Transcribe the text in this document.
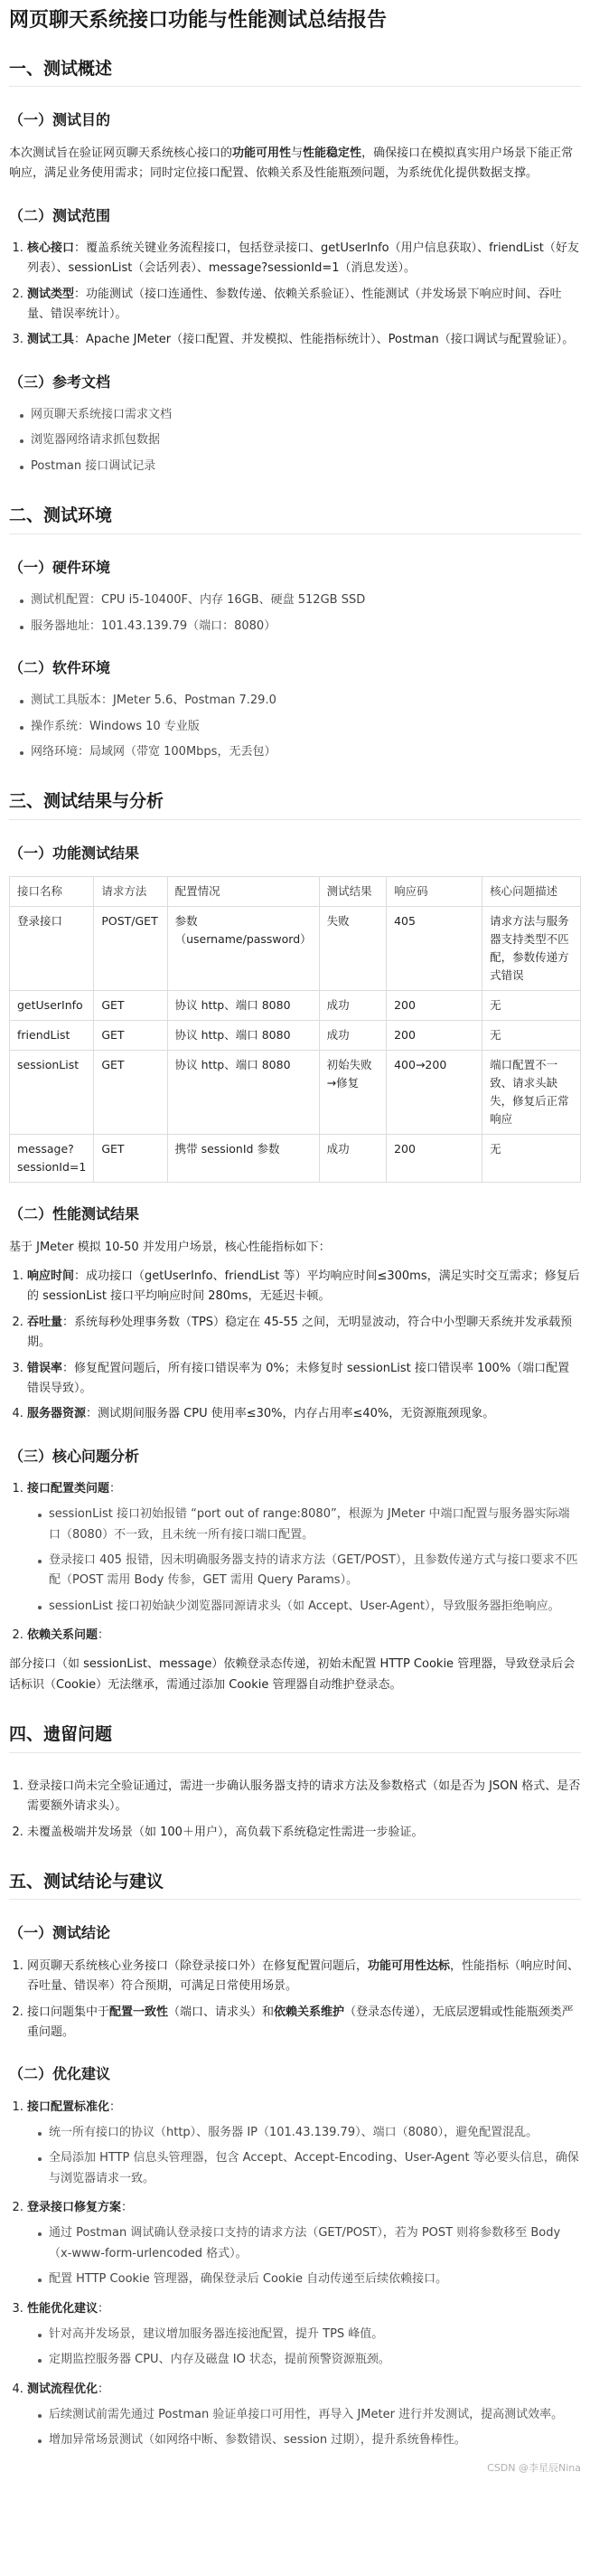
网页聊天系统接口功能与性能测试总结报告
一、测试概述
（一）测试目的

本次测试旨在验证网页聊天系统核心接口的功能可用性与性能稳定性，确保接口在模拟真实用户场景下能正常响应，满足业务使用需求；同时定位接口配置、依赖关系及性能瓶颈问题，为系统优化提供数据支撑。

（二）测试范围
1. 核心接口：覆盖系统关键业务流程接口，包括登录接口、getUserInfo（用户信息获取）、friendList（好友列表）、sessionList（会话列表）、message?sessionId=1（消息发送）。
2. 测试类型：功能测试（接口连通性、参数传递、依赖关系验证）、性能测试（并发场景下响应时间、吞吐量、错误率统计）。
3. 测试工具：Apache JMeter（接口配置、并发模拟、性能指标统计）、Postman（接口调试与配置验证）。
（三）参考文档
网页聊天系统接口需求文档
浏览器网络请求抓包数据
Postman 接口调试记录
二、测试环境
（一）硬件环境
测试机配置：CPU i5-10400F、内存 16GB、硬盘 512GB SSD
服务器地址：101.43.139.79（端口：8080）
（二）软件环境
测试工具版本：JMeter 5.6、Postman 7.29.0
操作系统：Windows 10 专业版
网络环境：局域网（带宽 100Mbps，无丢包）
三、测试结果与分析
（一）功能测试结果
接口名称	请求方法	配置情况	测试结果	响应码	核心问题描述
登录接口	POST/GET	参数（username/password）	失败	405	请求方法与服务器支持类型不匹配，参数传递方式错误
getUserInfo	GET	协议 http、端口 8080	成功	200	无
friendList	GET	协议 http、端口 8080	成功	200	无
sessionList	GET	协议 http、端口 8080	初始失败→修复	400→200	端口配置不一致、请求头缺失，修复后正常响应
message?sessionId=1	GET	携带 sessionId 参数	成功	200	无
（二）性能测试结果

基于 JMeter 模拟 10-50 并发用户场景，核心性能指标如下：

1. 响应时间：成功接口（getUserInfo、friendList 等）平均响应时间≤300ms，满足实时交互需求；修复后的 sessionList 接口平均响应时间 280ms，无延迟卡顿。
2. 吞吐量：系统每秒处理事务数（TPS）稳定在 45-55 之间，无明显波动，符合中小型聊天系统并发承载预期。
3. 错误率：修复配置问题后，所有接口错误率为 0%；未修复时 sessionList 接口错误率 100%（端口配置错误导致）。
4. 服务器资源：测试期间服务器 CPU 使用率≤30%，内存占用率≤40%，无资源瓶颈现象。
（三）核心问题分析
1. 接口配置类问题：
sessionList 接口初始报错 “port out of range:8080”，根源为 JMeter 中端口配置与服务器实际端口（8080）不一致，且未统一所有接口端口配置。
登录接口 405 报错，因未明确服务器支持的请求方法（GET/POST），且参数传递方式与接口要求不匹配（POST 需用 Body 传参，GET 需用 Query Params）。
sessionList 接口初始缺少浏览器同源请求头（如 Accept、User-Agent），导致服务器拒绝响应。
2. 依赖关系问题：

部分接口（如 sessionList、message）依赖登录态传递，初始未配置 HTTP Cookie 管理器，导致登录后会话标识（Cookie）无法继承，需通过添加 Cookie 管理器自动维护登录态。

四、遗留问题
1. 登录接口尚未完全验证通过，需进一步确认服务器支持的请求方法及参数格式（如是否为 JSON 格式、是否需要额外请求头）。
2. 未覆盖极端并发场景（如 100＋用户），高负载下系统稳定性需进一步验证。
五、测试结论与建议
（一）测试结论
1. 网页聊天系统核心业务接口（除登录接口外）在修复配置问题后，功能可用性达标，性能指标（响应时间、吞吐量、错误率）符合预期，可满足日常使用场景。
2. 接口问题集中于配置一致性（端口、请求头）和依赖关系维护（登录态传递），无底层逻辑或性能瓶颈类严重问题。
（二）优化建议
1. 接口配置标准化：
统一所有接口的协议（http）、服务器 IP（101.43.139.79）、端口（8080），避免配置混乱。
全局添加 HTTP 信息头管理器，包含 Accept、Accept-Encoding、User-Agent 等必要头信息，确保与浏览器请求一致。
2. 登录接口修复方案：
通过 Postman 调试确认登录接口支持的请求方法（GET/POST），若为 POST 则将参数移至 Body（x-www-form-urlencoded 格式）。
配置 HTTP Cookie 管理器，确保登录后 Cookie 自动传递至后续依赖接口。
3. 性能优化建议：
针对高并发场景，建议增加服务器连接池配置，提升 TPS 峰值。
定期监控服务器 CPU、内存及磁盘 IO 状态，提前预警资源瓶颈。
4. 测试流程优化：
后续测试前需先通过 Postman 验证单接口可用性，再导入 JMeter 进行并发测试，提高测试效率。
增加异常场景测试（如网络中断、参数错误、session 过期），提升系统鲁棒性。
CSDN @李星辰Nina
